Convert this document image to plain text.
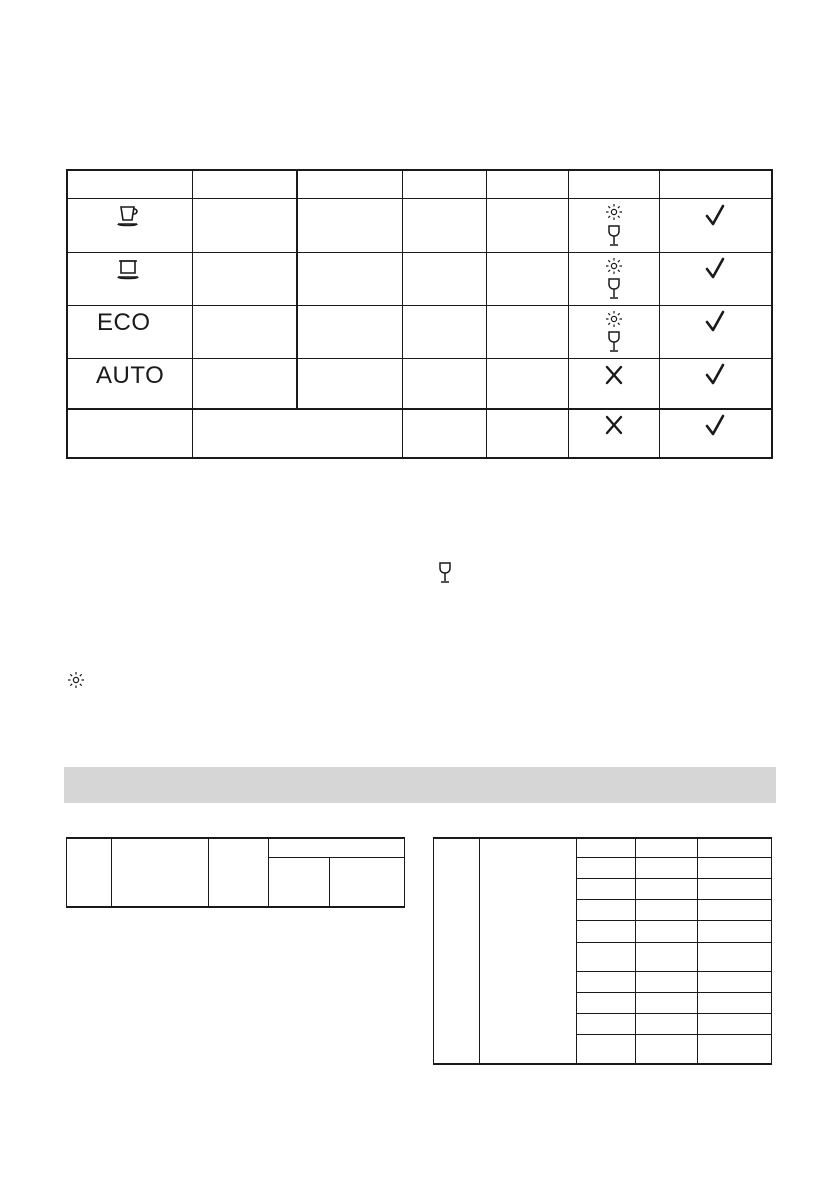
ECO
AUTO
